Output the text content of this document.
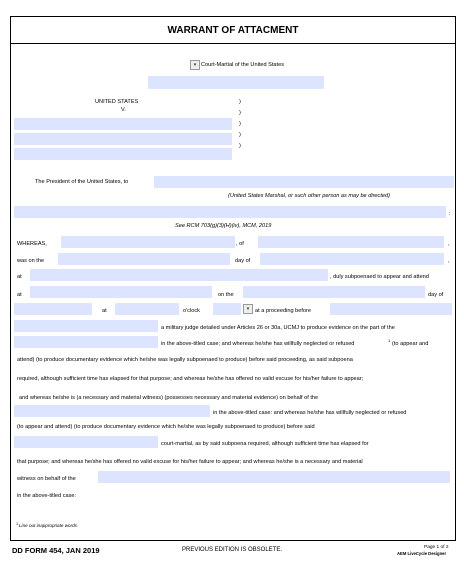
WARRANT OF ATTACMENT
▾ Court-Martial of the United States
UNITED STATES
V.
)
)
)
)
)
The President of the United States, to
(United States Marshal, or such other person as may be directed)
:
See RCM 703(g)(3)(H)(iv), MCM, 2019
WHEREAS,	, of	,
was on the	day of	,
at	, duly subpoenaed to appear and attend
at	on the	day of
at	o'clock	▾	at a proceeding before
a military judge detailed under Articles 26 or 30a, UCMJ to produce evidence on the part of the
in the above-titled case; and whereas he/she has willfully neglected or refused
1
(to appear and
attend) (to produce documentary evidence which he/she was legally subpoenaed to produce) before said proceeding, as said subpoena
required, although sufficient time has elapsed for that purpose; and whereas he/she has offered no valid excuse for his/her failure to appear;
and whereas he/she is (a necessary and material witness) (possesses necessary and material evidence) on behalf of the
in the above-titled case: and whereas he/she has willfully neglected or refused
(to appear and attend) (to produce documentary evidence which he/she was legally subpoenaed to produce) before said
court-martial, as by said subpoena required, although sufficient time has elapsed for
that purpose; and whereas he/she has offered no valid excuse for his/her failure to appear; and whereas he/she is a necessary and material
witness on behalf of the
in the above-titled case:
1 Line out inappropriate words.
DD FORM 454, JAN 2019	PREVIOUS EDITION IS OBSOLETE.	Page 1 of 2
AEM LiveCycle Designer
